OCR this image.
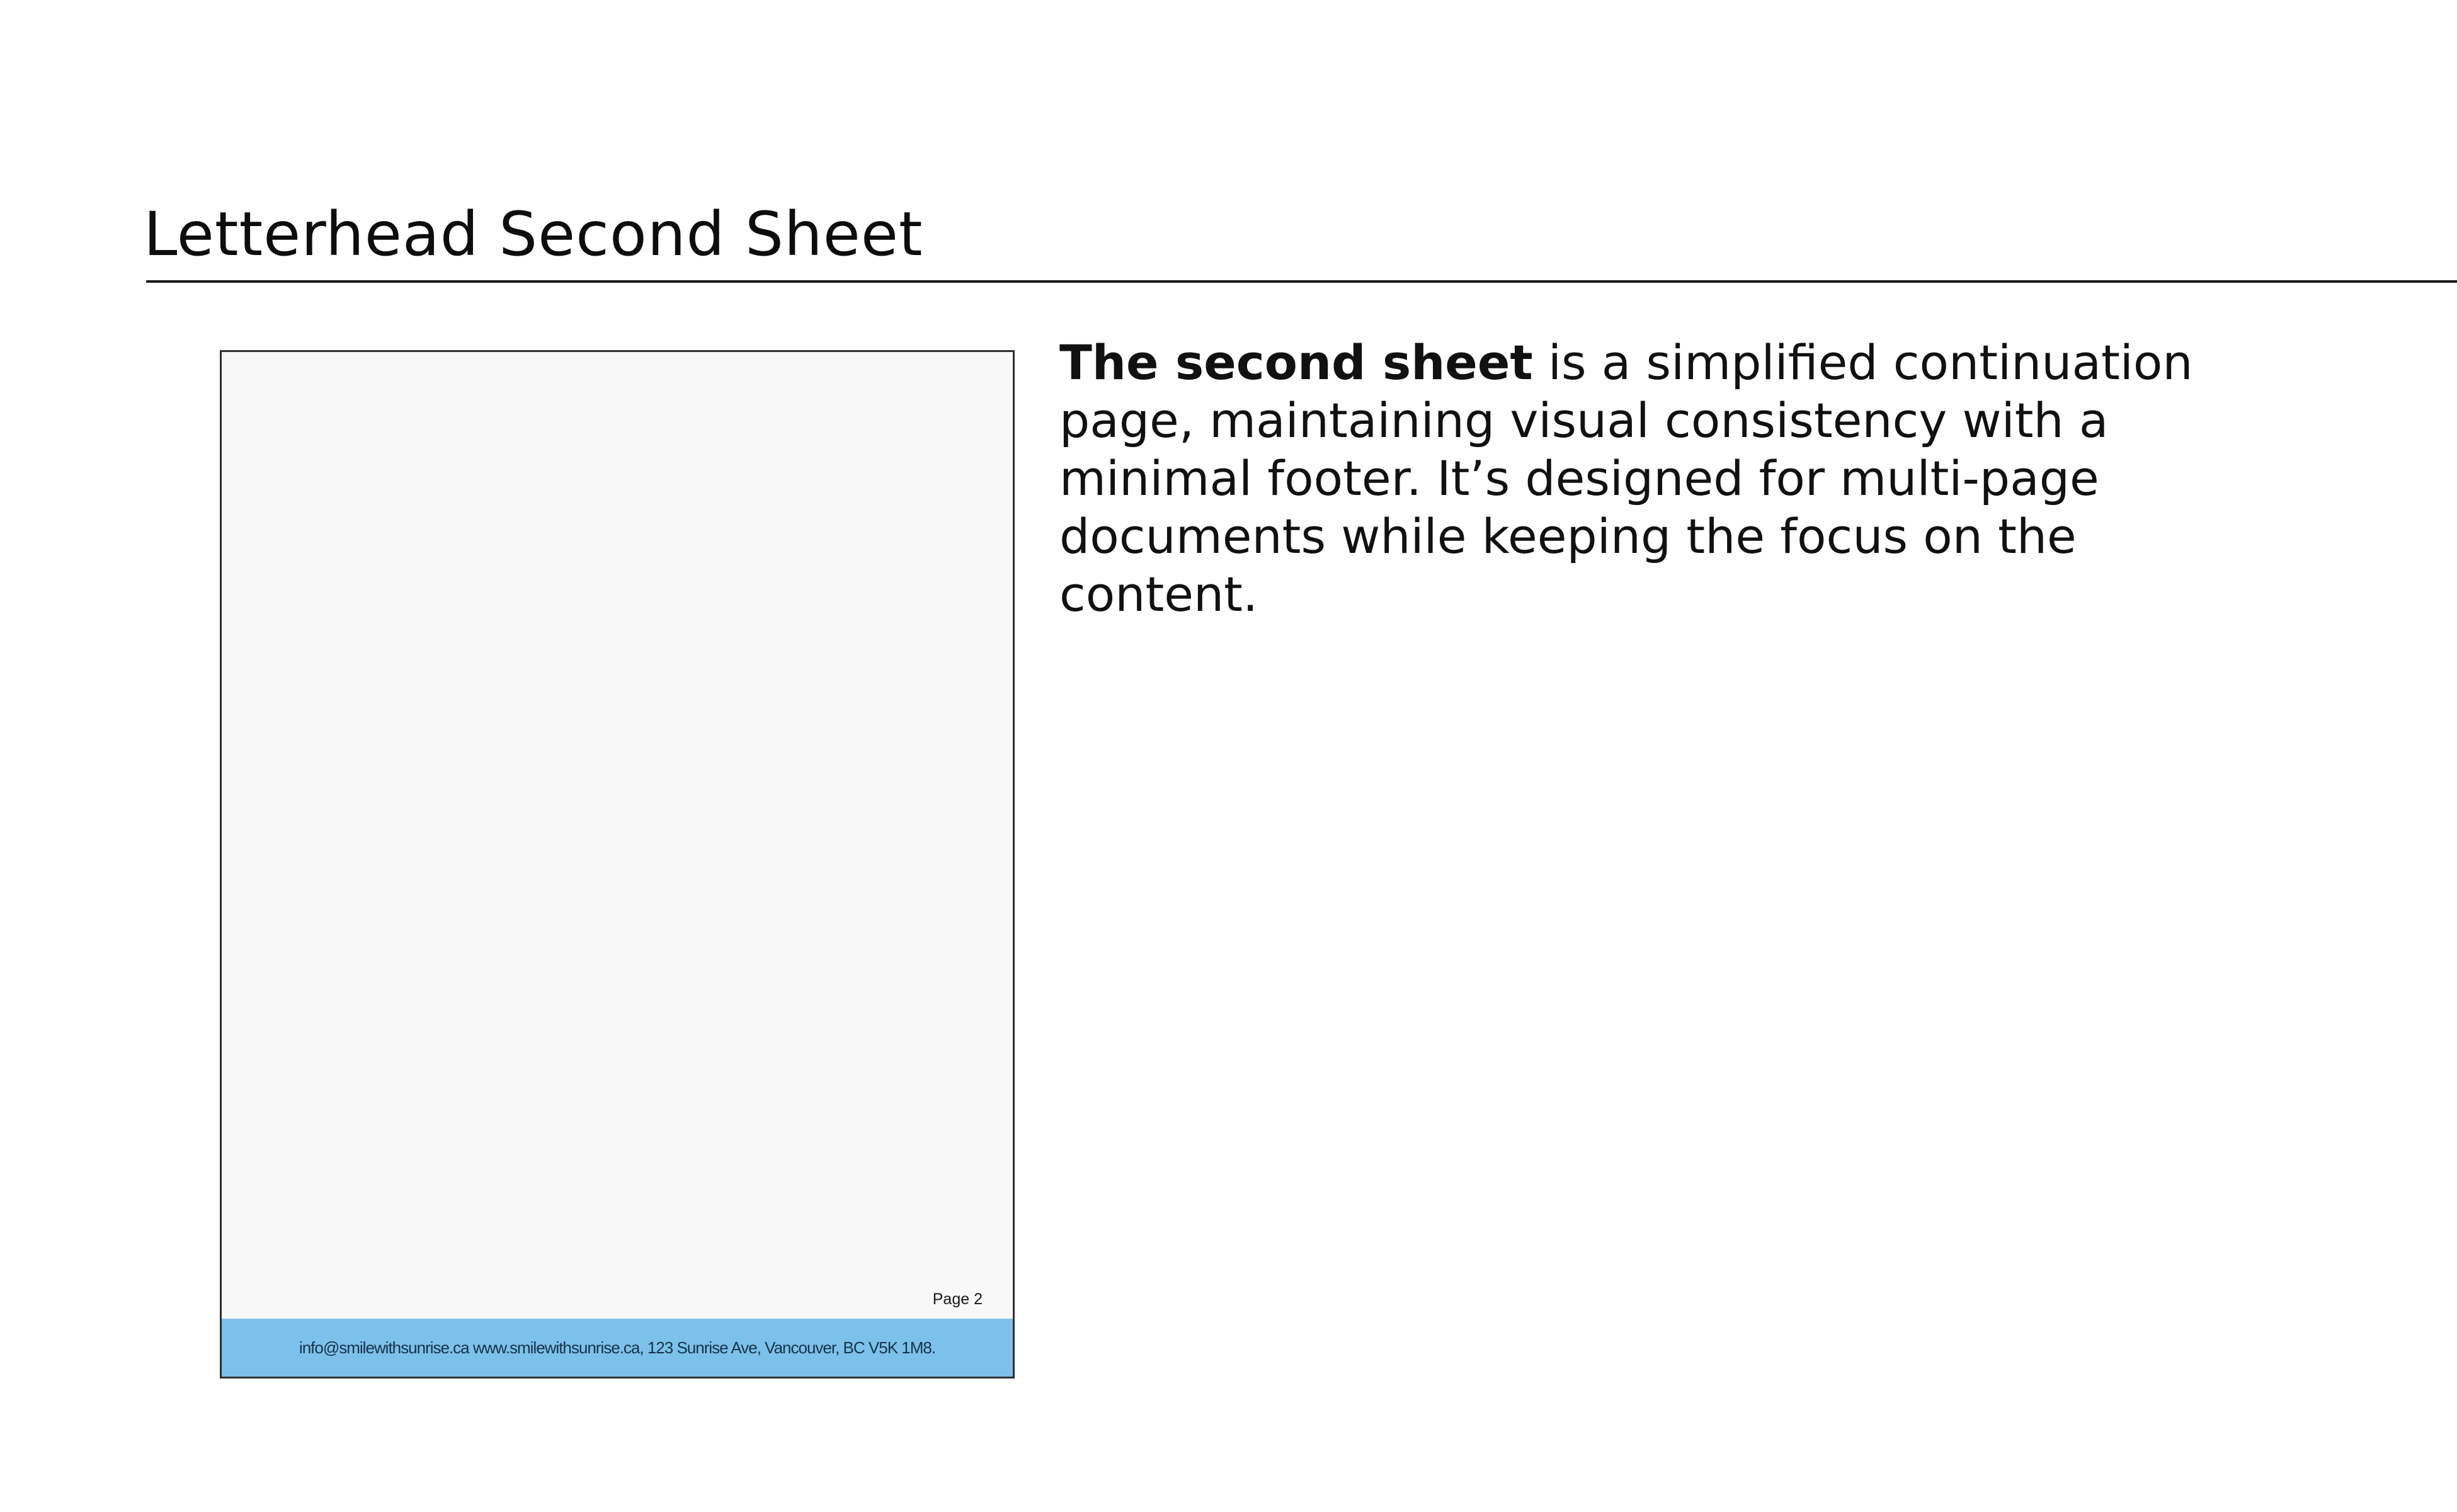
Letterhead Second Sheet
Page 2
info@smilewithsunrise.ca www.smilewithsunrise.ca, 123 Sunrise Ave, Vancouver, BC V5K 1M8.

The second sheet is a simplified continuation page, maintaining visual consistency with a minimal footer. It’s designed for multi-page documents while keeping the focus on the content.
